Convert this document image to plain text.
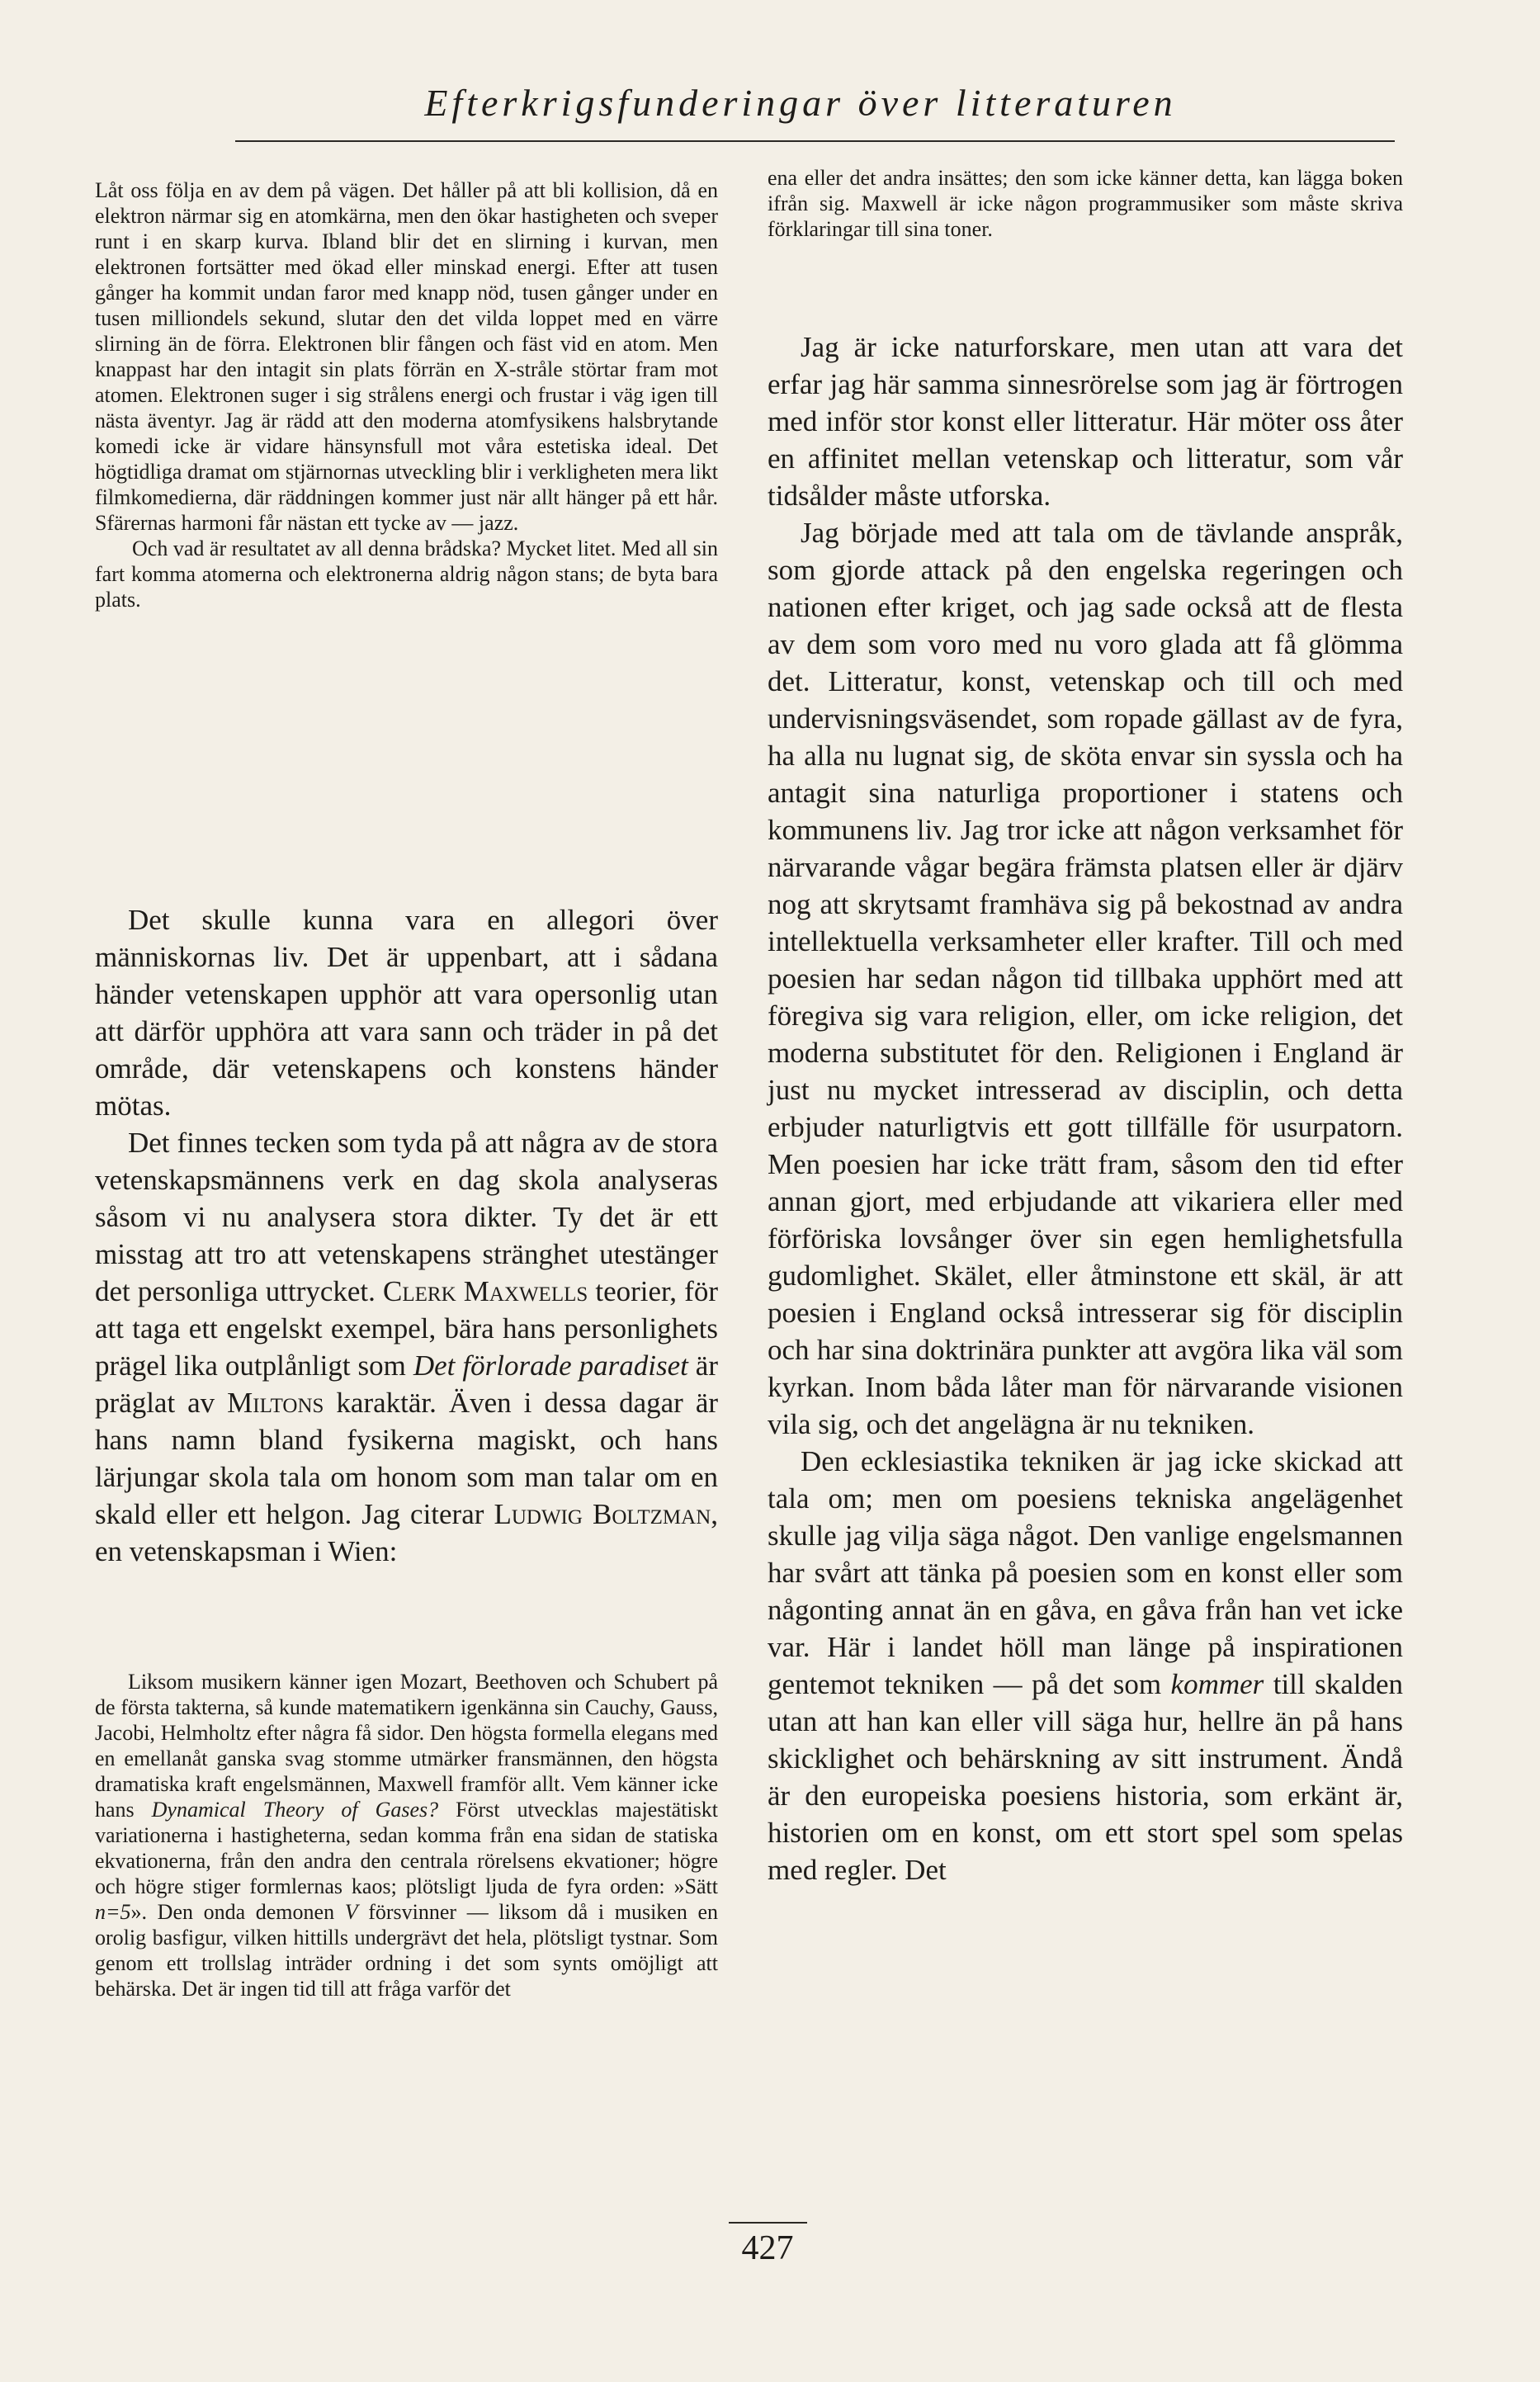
Efterkrigsfunderingar över litteraturen

Låt oss följa en av dem på vägen. Det håller på att bli kollision, då en elektron närmar sig en atomkärna, men den ökar hastigheten och sveper runt i en skarp kurva. Ibland blir det en slirning i kurvan, men elektronen fortsätter med ökad eller minskad energi. Efter att tusen gånger ha kommit undan faror med knapp nöd, tusen gånger under en tusen milliondels sekund, slutar den det vilda loppet med en värre slirning än de förra. Elektronen blir fången och fäst vid en atom. Men knappast har den intagit sin plats förrän en X-stråle störtar fram mot atomen. Elektronen suger i sig strålens energi och frustar i väg igen till nästa äventyr. Jag är rädd att den moderna atomfysikens halsbrytande komedi icke är vidare hänsynsfull mot våra estetiska ideal. Det högtidliga dramat om stjärnornas utveckling blir i verkligheten mera likt filmkomedierna, där räddningen kommer just när allt hänger på ett hår. Sfärernas harmoni får nästan ett tycke av — jazz.

Och vad är resultatet av all denna brådska? Mycket litet. Med all sin fart komma atomerna och elektronerna aldrig någon stans; de byta bara plats.

Det skulle kunna vara en allegori över människornas liv. Det är uppenbart, att i sådana händer vetenskapen upphör att vara opersonlig utan att därför upphöra att vara sann och träder in på det område, där vetenskapens och konstens händer mötas.

Det finnes tecken som tyda på att några av de stora vetenskapsmännens verk en dag skola analyseras såsom vi nu analysera stora dikter. Ty det är ett misstag att tro att vetenskapens stränghet utestänger det personliga uttrycket. Clerk Maxwells teorier, för att taga ett engelskt exempel, bära hans personlighets prägel lika outplånligt som Det förlorade paradiset är präglat av Miltons karaktär. Även i dessa dagar är hans namn bland fysikerna magiskt, och hans lärjungar skola tala om honom som man talar om en skald eller ett helgon. Jag citerar Ludwig Boltzman, en vetenskapsman i Wien:

Liksom musikern känner igen Mozart, Beethoven och Schubert på de första takterna, så kunde matematikern igenkänna sin Cauchy, Gauss, Jacobi, Helmholtz efter några få sidor. Den högsta formella elegans med en emellanåt ganska svag stomme utmärker fransmännen, den högsta dramatiska kraft engelsmännen, Maxwell framför allt. Vem känner icke hans Dynamical Theory of Gases? Först utvecklas majestätiskt variationerna i hastigheterna, sedan komma från ena sidan de statiska ekvationerna, från den andra den centrala rörelsens ekvationer; högre och högre stiger formlernas kaos; plötsligt ljuda de fyra orden: »Sätt n=5». Den onda demonen V försvinner — liksom då i musiken en orolig basfigur, vilken hittills undergrävt det hela, plötsligt tystnar. Som genom ett trollslag inträder ordning i det som synts omöjligt att behärska. Det är ingen tid till att fråga varför det

ena eller det andra insättes; den som icke känner detta, kan lägga boken ifrån sig. Maxwell är icke någon programmusiker som måste skriva förklaringar till sina toner.

Jag är icke naturforskare, men utan att vara det erfar jag här samma sinnesrörelse som jag är förtrogen med inför stor konst eller litteratur. Här möter oss åter en affinitet mellan vetenskap och litteratur, som vår tidsålder måste utforska.

Jag började med att tala om de tävlande anspråk, som gjorde attack på den engelska regeringen och nationen efter kriget, och jag sade också att de flesta av dem som voro med nu voro glada att få glömma det. Litteratur, konst, vetenskap och till och med undervisningsväsendet, som ropade gällast av de fyra, ha alla nu lugnat sig, de sköta envar sin syssla och ha antagit sina naturliga proportioner i statens och kommunens liv. Jag tror icke att någon verksamhet för närvarande vågar begära främsta platsen eller är djärv nog att skrytsamt framhäva sig på bekostnad av andra intellektuella verksamheter eller krafter. Till och med poesien har sedan någon tid tillbaka upphört med att föregiva sig vara religion, eller, om icke religion, det moderna substitutet för den. Religionen i England är just nu mycket intresserad av disciplin, och detta erbjuder naturligtvis ett gott tillfälle för usurpatorn. Men poesien har icke trätt fram, såsom den tid efter annan gjort, med erbjudande att vikariera eller med förföriska lovsånger över sin egen hemlighetsfulla gudomlighet. Skälet, eller åtminstone ett skäl, är att poesien i England också intresserar sig för disciplin och har sina doktrinära punkter att avgöra lika väl som kyrkan. Inom båda låter man för närvarande visionen vila sig, och det angelägna är nu tekniken.

Den ecklesiastika tekniken är jag icke skickad att tala om; men om poesiens tekniska angelägenhet skulle jag vilja säga något. Den vanlige engelsmannen har svårt att tänka på poesien som en konst eller som någonting annat än en gåva, en gåva från han vet icke var. Här i landet höll man länge på inspirationen gentemot tekniken — på det som kommer till skalden utan att han kan eller vill säga hur, hellre än på hans skicklighet och behärskning av sitt instrument. Ändå är den europeiska poesiens historia, som erkänt är, historien om en konst, om ett stort spel som spelas med regler. Det

427
